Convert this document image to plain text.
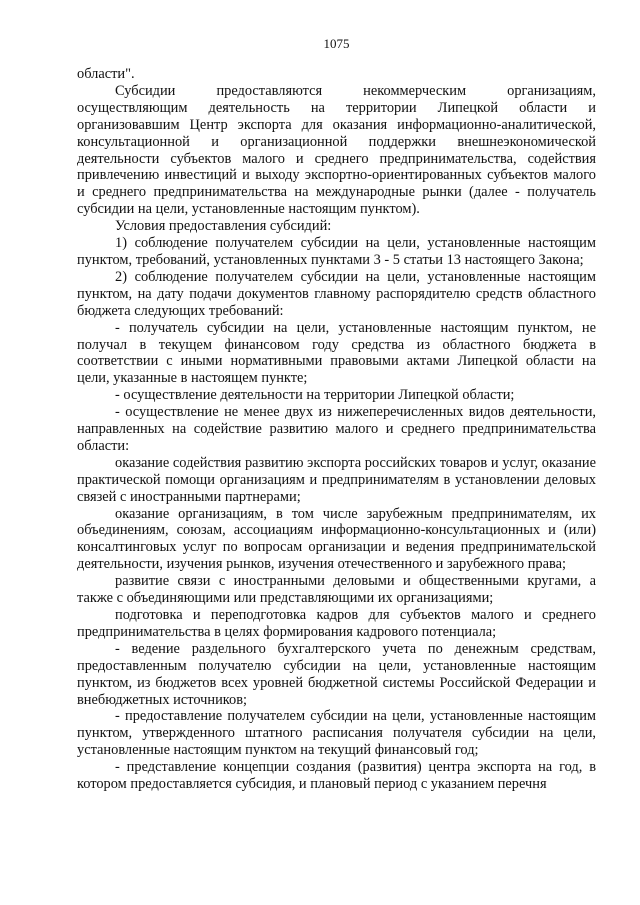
1075

области".

Субсидии предоставляются некоммерческим организациям, осуществляющим деятельность на территории Липецкой области и организовавшим Центр экспорта для оказания информационно-аналитической, консультационной и организационной поддержки внешнеэкономической деятельности субъектов малого и среднего предпринимательства, содействия привлечению инвестиций и выходу экспортно-ориентированных субъектов малого и среднего предпринимательства на международные рынки (далее - получатель субсидии на цели, установленные настоящим пунктом).

Условия предоставления субсидий:

1) соблюдение получателем субсидии на цели, установленные настоящим пунктом, требований, установленных пунктами 3 - 5 статьи 13 настоящего Закона;

2) соблюдение получателем субсидии на цели, установленные настоящим пунктом, на дату подачи документов главному распорядителю средств областного бюджета следующих требований:

- получатель субсидии на цели, установленные настоящим пунктом, не получал в текущем финансовом году средства из областного бюджета в соответствии с иными нормативными правовыми актами Липецкой области на цели, указанные в настоящем пункте;

- осуществление деятельности на территории Липецкой области;

- осуществление не менее двух из нижеперечисленных видов деятельности, направленных на содействие развитию малого и среднего предпринимательства области:

оказание содействия развитию экспорта российских товаров и услуг, оказание практической помощи организациям и предпринимателям в установлении деловых связей с иностранными партнерами;

оказание организациям, в том числе зарубежным предпринимателям, их объединениям, союзам, ассоциациям информационно-консультационных и (или) консалтинговых услуг по вопросам организации и ведения предпринимательской деятельности, изучения рынков, изучения отечественного и зарубежного права;

развитие связи с иностранными деловыми и общественными кругами, а также с объединяющими или представляющими их организациями;

подготовка и переподготовка кадров для субъектов малого и среднего предпринимательства в целях формирования кадрового потенциала;

- ведение раздельного бухгалтерского учета по денежным средствам, предоставленным получателю субсидии на цели, установленные настоящим пунктом, из бюджетов всех уровней бюджетной системы Российской Федерации и внебюджетных источников;

- предоставление получателем субсидии на цели, установленные настоящим пунктом, утвержденного штатного расписания получателя субсидии на цели, установленные настоящим пунктом на текущий финансовый год;

- представление концепции создания (развития) центра экспорта на год, в котором предоставляется субсидия, и плановый период с указанием перечня
